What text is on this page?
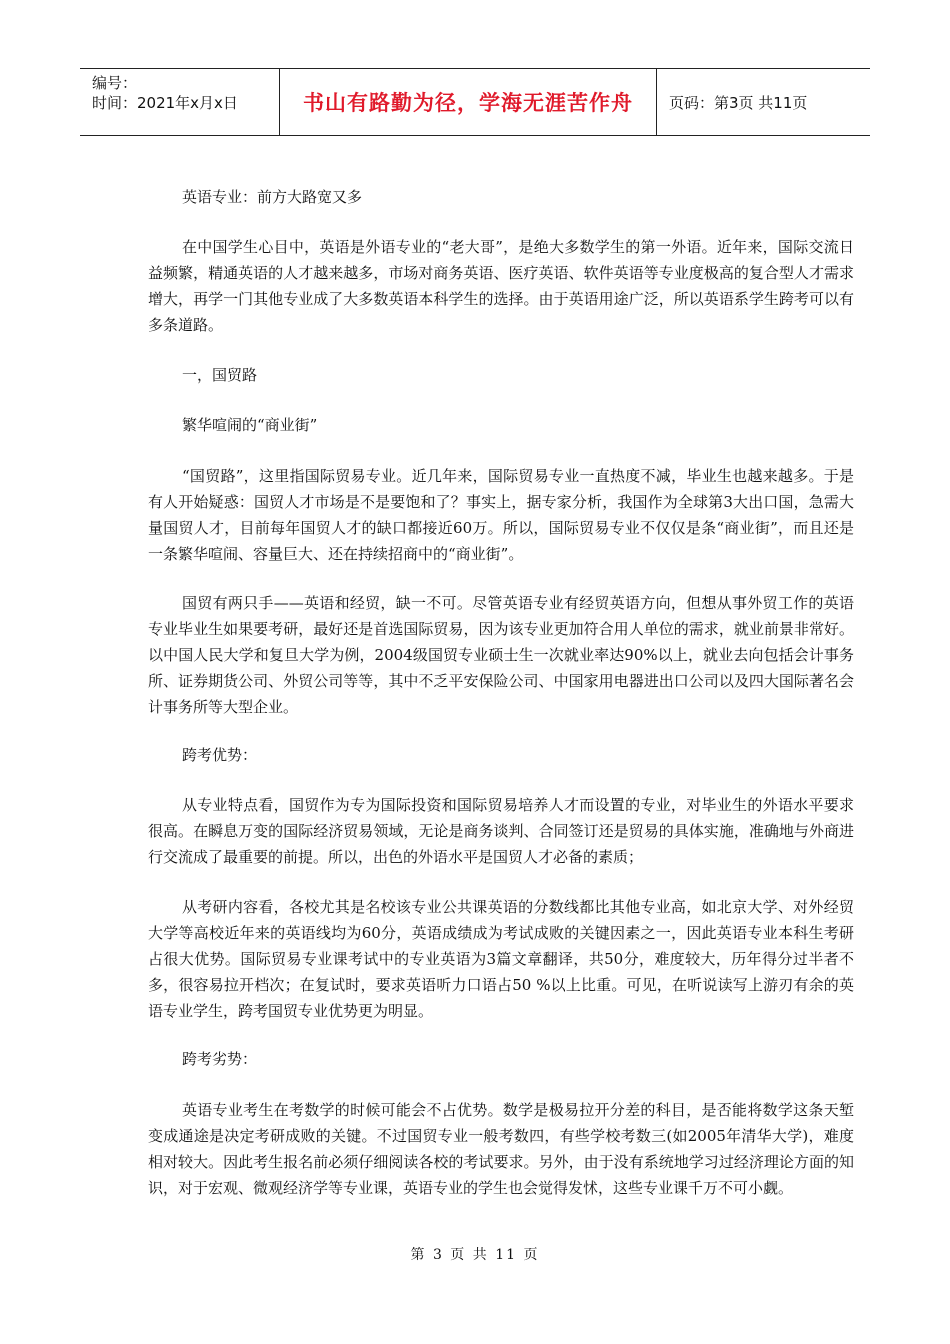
编号：
时间：2021年x月x日	书山有路勤为径，学海无涯苦作舟	页码：第3页 共11页

英语专业：前方大路宽又多

在中国学生心目中，英语是外语专业的“老大哥”，是绝大多数学生的第一外语。近年来，国际交流日益频繁，精通英语的人才越来越多，市场对商务英语、医疗英语、软件英语等专业度极高的复合型人才需求增大，再学一门其他专业成了大多数英语本科学生的选择。由于英语用途广泛，所以英语系学生跨考可以有多条道路。

一，国贸路

繁华喧闹的“商业街”

“国贸路”，这里指国际贸易专业。近几年来，国际贸易专业一直热度不减，毕业生也越来越多。于是有人开始疑惑：国贸人才市场是不是要饱和了？事实上，据专家分析，我国作为全球第3大出口国，急需大量国贸人才，目前每年国贸人才的缺口都接近60万。所以，国际贸易专业不仅仅是条“商业街”，而且还是一条繁华喧闹、容量巨大、还在持续招商中的“商业街”。

国贸有两只手——英语和经贸，缺一不可。尽管英语专业有经贸英语方向，但想从事外贸工作的英语专业毕业生如果要考研，最好还是首选国际贸易，因为该专业更加符合用人单位的需求，就业前景非常好。以中国人民大学和复旦大学为例，2004级国贸专业硕士生一次就业率达90%以上，就业去向包括会计事务所、证券期货公司、外贸公司等等，其中不乏平安保险公司、中国家用电器进出口公司以及四大国际著名会计事务所等大型企业。

跨考优势：

从专业特点看，国贸作为专为国际投资和国际贸易培养人才而设置的专业，对毕业生的外语水平要求很高。在瞬息万变的国际经济贸易领域，无论是商务谈判、合同签订还是贸易的具体实施，准确地与外商进行交流成了最重要的前提。所以，出色的外语水平是国贸人才必备的素质；

从考研内容看，各校尤其是名校该专业公共课英语的分数线都比其他专业高，如北京大学、对外经贸大学等高校近年来的英语线均为60分，英语成绩成为考试成败的关键因素之一，因此英语专业本科生考研占很大优势。国际贸易专业课考试中的专业英语为3篇文章翻译，共50分，难度较大，历年得分过半者不多，很容易拉开档次；在复试时，要求英语听力口语占50 %以上比重。可见，在听说读写上游刃有余的英语专业学生，跨考国贸专业优势更为明显。

跨考劣势：

英语专业考生在考数学的时候可能会不占优势。数学是极易拉开分差的科目，是否能将数学这条天堑变成通途是决定考研成败的关键。不过国贸专业一般考数四，有些学校考数三(如2005年清华大学)，难度相对较大。因此考生报名前必须仔细阅读各校的考试要求。另外，由于没有系统地学习过经济理论方面的知识，对于宏观、微观经济学等专业课，英语专业的学生也会觉得发怵，这些专业课千万不可小觑。

第 3 页 共 11 页
